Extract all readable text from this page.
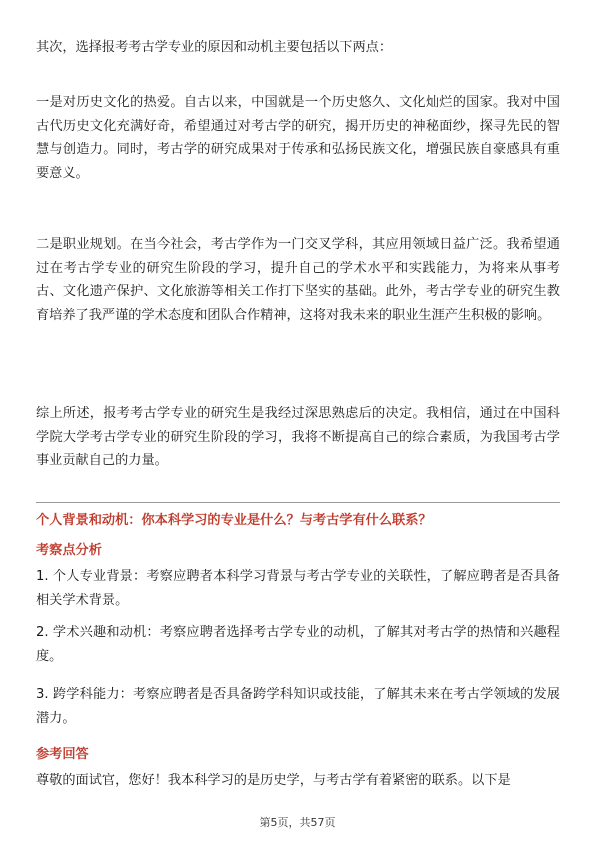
其次，选择报考考古学专业的原因和动机主要包括以下两点：

一是对历史文化的热爱。自古以来，中国就是一个历史悠久、文化灿烂的国家。我对中国古代历史文化充满好奇，希望通过对考古学的研究，揭开历史的神秘面纱，探寻先民的智慧与创造力。同时，考古学的研究成果对于传承和弘扬民族文化，增强民族自豪感具有重要意义。

二是职业规划。在当今社会，考古学作为一门交叉学科，其应用领域日益广泛。我希望通过在考古学专业的研究生阶段的学习，提升自己的学术水平和实践能力，为将来从事考古、文化遗产保护、文化旅游等相关工作打下坚实的基础。此外，考古学专业的研究生教育培养了我严谨的学术态度和团队合作精神，这将对我未来的职业生涯产生积极的影响。

综上所述，报考考古学专业的研究生是我经过深思熟虑后的决定。我相信，通过在中国科学院大学考古学专业的研究生阶段的学习，我将不断提高自己的综合素质，为我国考古学事业贡献自己的力量。

个人背景和动机：你本科学习的专业是什么？与考古学有什么联系？

考察点分析

1. 个人专业背景：考察应聘者本科学习背景与考古学专业的关联性，了解应聘者是否具备相关学术背景。

2. 学术兴趣和动机：考察应聘者选择考古学专业的动机，了解其对考古学的热情和兴趣程度。

3. 跨学科能力：考察应聘者是否具备跨学科知识或技能，了解其未来在考古学领域的发展潜力。

参考回答

尊敬的面试官，您好！我本科学习的是历史学，与考古学有着紧密的联系。以下是

第5页，共57页
